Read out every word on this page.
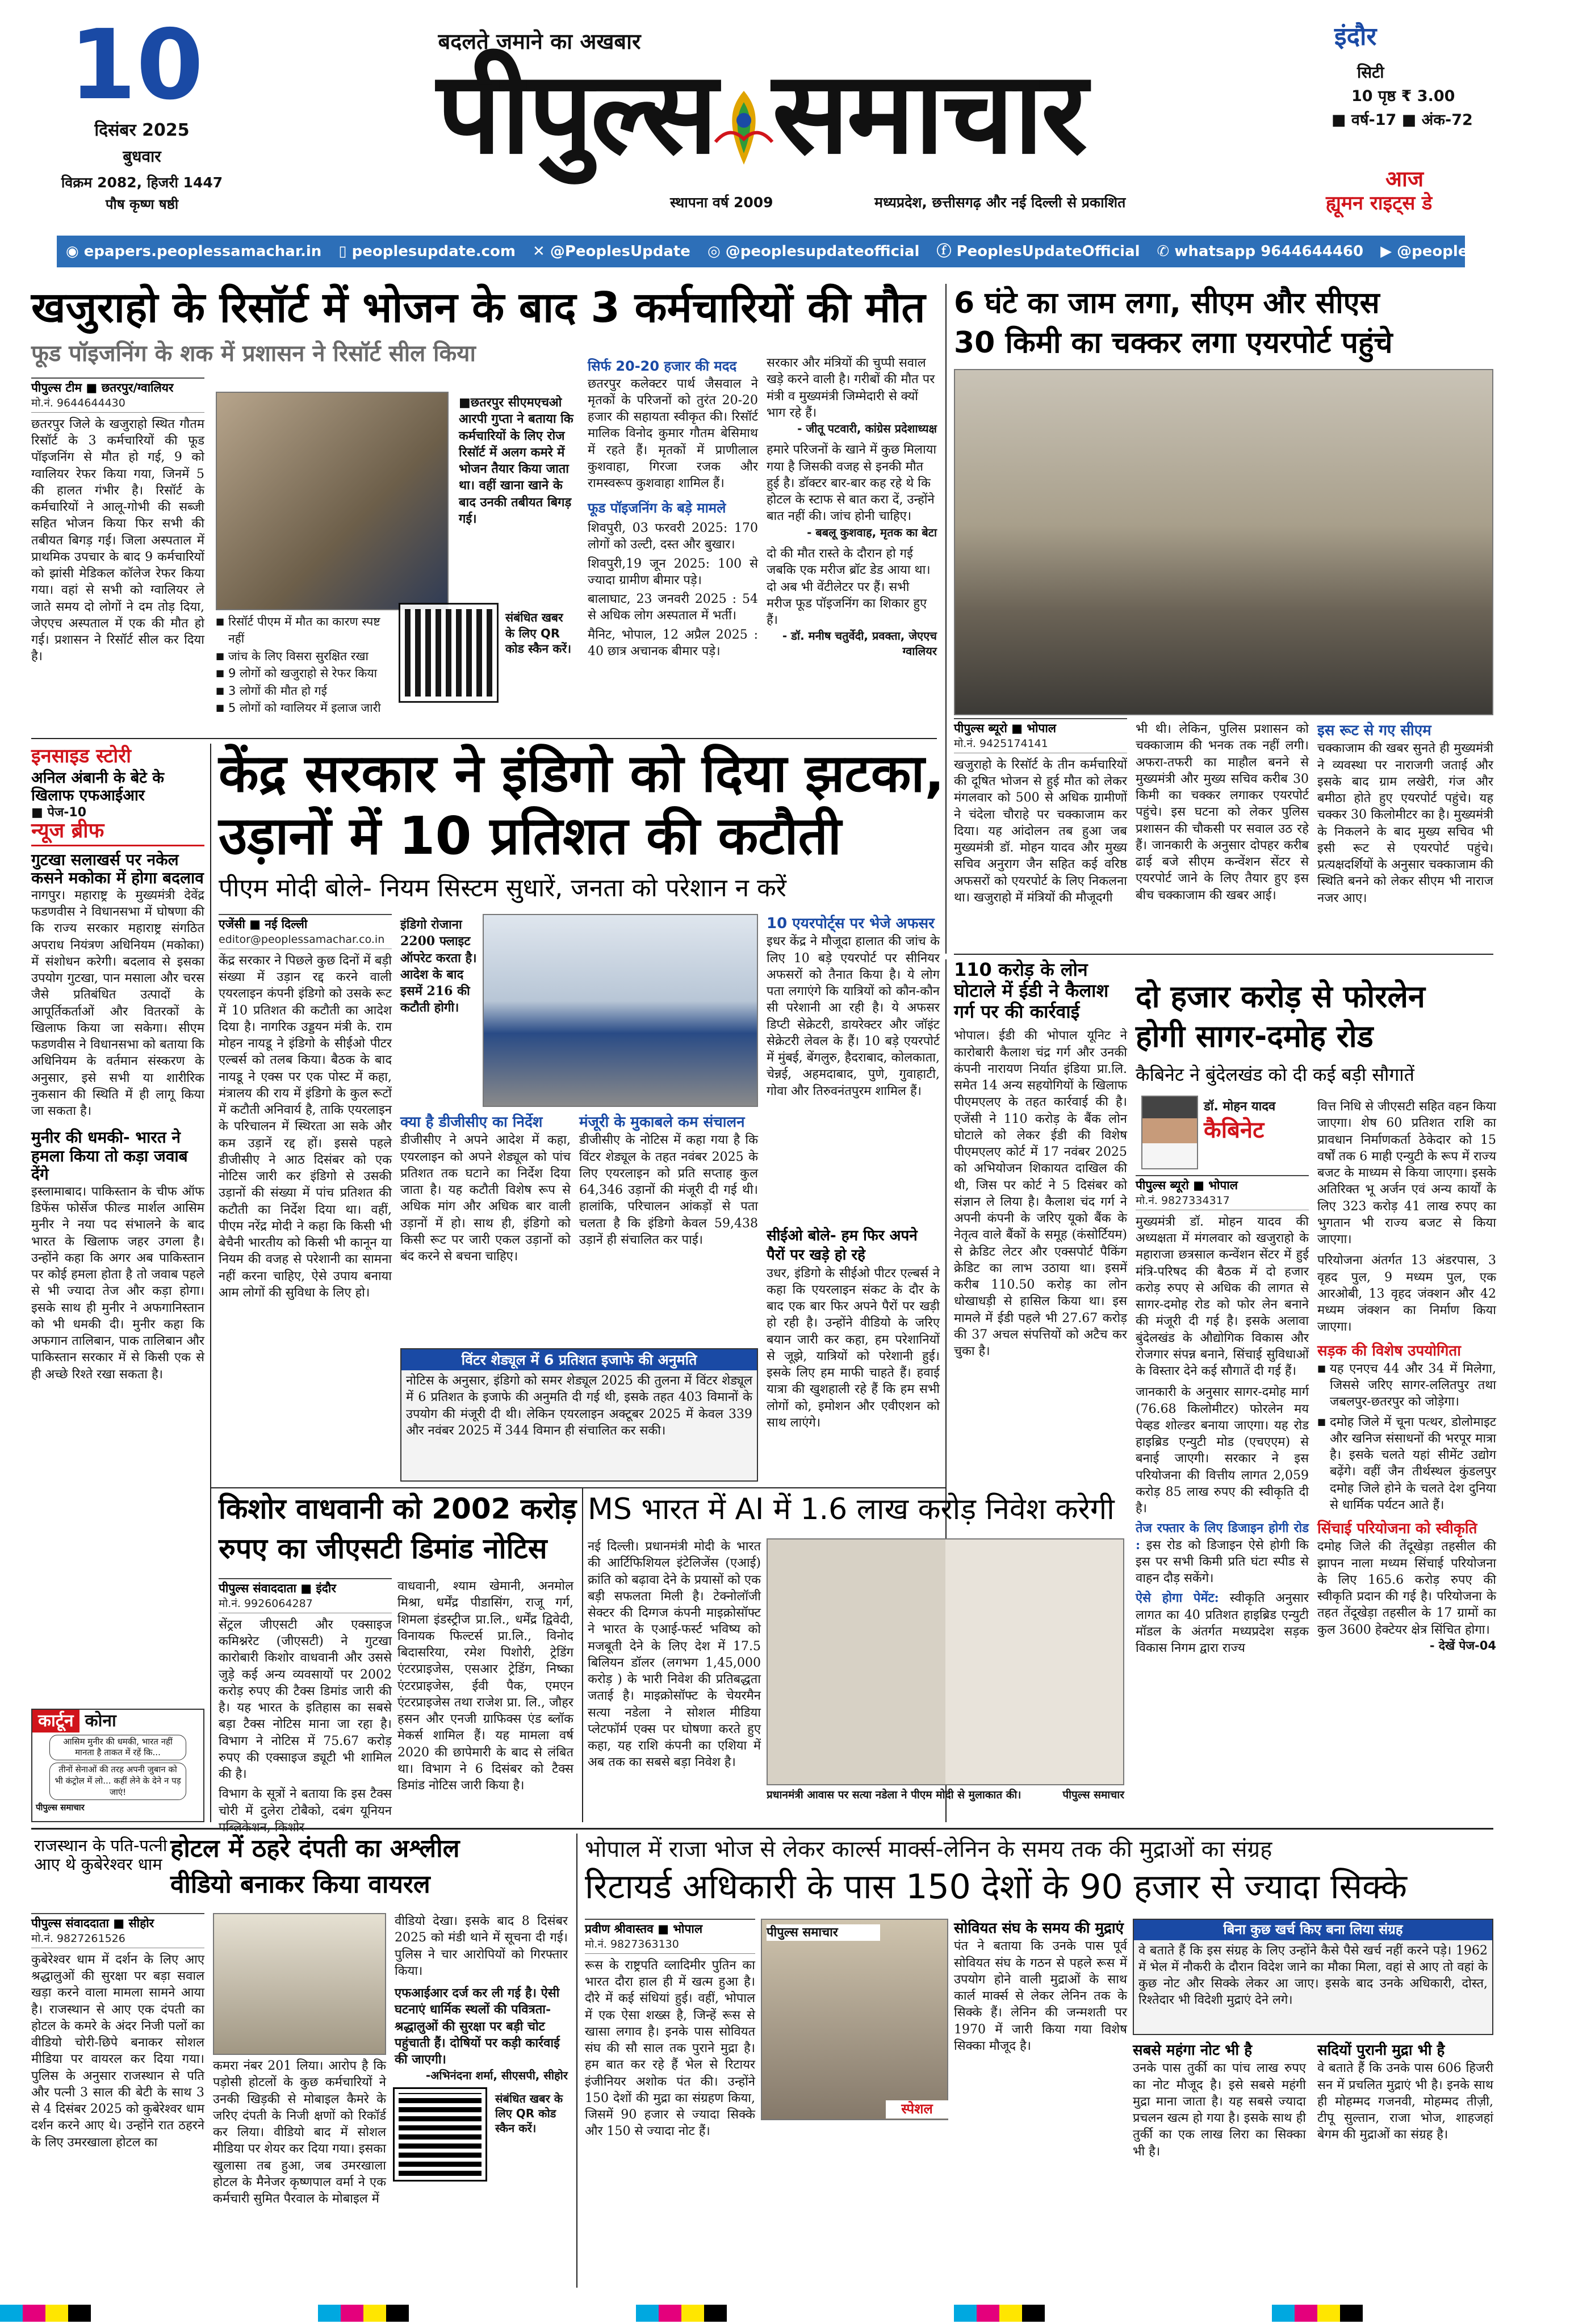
10
दिसंबर 2025
बुधवार
विक्रम 2082, हिजरी 1447
पौष कृष्ण षष्ठी
बदलते जमाने का अखबार
पीपुल्स समाचार
स्थापना वर्ष 2009	मध्यप्रदेश, छत्तीसगढ़ और नई दिल्ली से प्रकाशित
इंदौर
सिटी
10 पृष्ठ ₹ 3.00
■ वर्ष-17 ■ अंक-72
आज
ह्यूमन राइट्स डे
◉ epapers.peoplessamachar.in ▯ peoplesupdate.com ✕ @PeoplesUpdate ◎ @peoplesupdateofficial ⓕ PeoplesUpdateOfficial ✆ whatsapp 9644644460 ▶ @peoplesupdateofficial
खजुराहो के रिसॉर्ट में भोजन के बाद 3 कर्मचारियों की मौत
फूड पॉइजनिंग के शक में प्रशासन ने रिसॉर्ट सील किया
पीपुल्स टीम ■ छतरपुर/ग्वालियर
मो.नं. 9644644430
छतरपुर जिले के खजुराहो स्थित गौतम रिसॉर्ट के 3 कर्मचारियों की फूड पॉइजनिंग से मौत हो गई, 9 को ग्वालियर रेफर किया गया, जिनमें 5 की हालत गंभीर है। रिसॉर्ट के कर्मचारियों ने आलू-गोभी की सब्जी सहित भोजन किया फिर सभी की तबीयत बिगड़ गई। जिला अस्पताल में प्राथमिक उपचार के बाद 9 कर्मचारियों को झांसी मेडिकल कॉलेज रेफर किया गया। वहां से सभी को ग्वालियर ले जाते समय दो लोगों ने दम तोड़ दिया, जेएएच अस्पताल में एक की मौत हो गई। प्रशासन ने रिसॉर्ट सील कर दिया है।
■छतरपुर सीएमएचओ आरपी गुप्ता ने बताया कि कर्मचारियों के लिए रोज रिसॉर्ट में अलग कमरे में भोजन तैयार किया जाता था। वहीं खाना खाने के बाद उनकी तबीयत बिगड़ गई।
■ रिसॉर्ट पीएम में मौत का कारण स्पष्ट नहीं
■ जांच के लिए विसरा सुरक्षित रखा
■ 9 लोगों को खजुराहो से रेफर किया
■ 3 लोगों की मौत हो गई
■ 5 लोगों को ग्वालियर में इलाज जारी
संबंधित खबर के लिए QR कोड स्कैन करें।
सिर्फ 20-20 हजार की मदद
छतरपुर कलेक्टर पार्थ जैसवाल ने मृतकों के परिजनों को तुरंत 20-20 हजार की सहायता स्वीकृत की। रिसॉर्ट मालिक विनोद कुमार गौतम बेसिमाथ में रहते हैं। मृतकों में प्राणीलाल कुशवाहा, गिरजा रजक और रामस्वरूप कुशवाहा शामिल हैं।
फूड पॉइजनिंग के बड़े मामले
शिवपुरी, 03 फरवरी 2025: 170 लोगों को उल्टी, दस्त और बुखार।
शिवपुरी,19 जून 2025: 100 से ज्यादा ग्रामीण बीमार पड़े।
बालाघाट, 23 जनवरी 2025 : 54 से अधिक लोग अस्पताल में भर्ती।
मैनिट, भोपाल, 12 अप्रैल 2025 : 40 छात्र अचानक बीमार पड़े।
सरकार और मंत्रियों की चुप्पी सवाल खड़े करने वाली है। गरीबों की मौत पर मंत्री व मुख्यमंत्री जिम्मेदारी से क्यों भाग रहे हैं।
- जीतू पटवारी, कांग्रेस प्रदेशाध्यक्ष
हमारे परिजनों के खाने में कुछ मिलाया गया है जिसकी वजह से इनकी मौत हुई है। डॉक्टर बार-बार कह रहे थे कि होटल के स्टाफ से बात करा दें, उन्होंने बात नहीं की। जांच होनी चाहिए।
- बबलू कुशवाह, मृतक का बेटा
दो की मौत रास्ते के दौरान हो गई जबकि एक मरीज ब्रॉट डेड आया था। दो अब भी वेंटीलेटर पर हैं। सभी मरीज फूड पॉइजनिंग का शिकार हुए हैं।
- डॉ. मनीष चतुर्वेदी, प्रवक्ता, जेएएच ग्वालियर
6 घंटे का जाम लगा, सीएम और सीएस
30 किमी का चक्कर लगा एयरपोर्ट पहुंचे
पीपुल्स ब्यूरो ■ भोपाल
मो.नं. 9425174141
खजुराहो के रिसॉर्ट के तीन कर्मचारियों की दूषित भोजन से हुई मौत को लेकर मंगलवार को 500 से अधिक ग्रामीणों ने चंदेला चौराहे पर चक्काजाम कर दिया। यह आंदोलन तब हुआ जब मुख्यमंत्री डॉ. मोहन यादव और मुख्य सचिव अनुराग जैन सहित कई वरिष्ठ अफसरों को एयरपोर्ट के लिए निकलना था। खजुराहो में मंत्रियों की मौजूदगी
भी थी। लेकिन, पुलिस प्रशासन को चक्काजाम की भनक तक नहीं लगी। अफरा-तफरी का माहौल बनने से मुख्यमंत्री और मुख्य सचिव करीब 30 किमी का चक्कर लगाकर एयरपोर्ट पहुंचे। इस घटना को लेकर पुलिस प्रशासन की चौकसी पर सवाल उठ रहे हैं। जानकारी के अनुसार दोपहर करीब ढाई बजे सीएम कन्वेंशन सेंटर से एयरपोर्ट जाने के लिए तैयार हुए इस बीच चक्काजाम की खबर आई।
इस रूट से गए सीएम
चक्काजाम की खबर सुनते ही मुख्यमंत्री ने व्यवस्था पर नाराजगी जताई और इसके बाद ग्राम लखेरी, गंज और बमीठा होते हुए एयरपोर्ट पहुंचे। यह चक्कर 30 किलोमीटर का है। मुख्यमंत्री के निकलने के बाद मुख्य सचिव भी इसी रूट से एयरपोर्ट पहुंचे। प्रत्यक्षदर्शियों के अनुसार चक्काजाम की स्थिति बनने को लेकर सीएम भी नाराज नजर आए।
इनसाइड स्टोरी
अनिल अंबानी के बेटे के खिलाफ एफआईआर
■ पेज-10
न्यूज ब्रीफ
गुटखा सलाखर्स पर नकेल कसने मकोका में होगा बदलाव
नागपुर। महाराष्ट्र के मुख्यमंत्री देवेंद्र फडणवीस ने विधानसभा में घोषणा की कि राज्य सरकार महाराष्ट्र संगठित अपराध नियंत्रण अधिनियम (मकोका) में संशोधन करेगी। बदलाव से इसका उपयोग गुटखा, पान मसाला और चरस जैसे प्रतिबंधित उत्पादों के आपूर्तिकर्ताओं और वितरकों के खिलाफ किया जा सकेगा। सीएम फडणवीस ने विधानसभा को बताया कि अधिनियम के वर्तमान संस्करण के अनुसार, इसे सभी या शारीरिक नुकसान की स्थिति में ही लागू किया जा सकता है।
मुनीर की धमकी- भारत ने हमला किया तो कड़ा जवाब देंगे
इस्लामाबाद। पाकिस्तान के चीफ ऑफ डिफेंस फोर्सेज फील्ड मार्शल आसिम मुनीर ने नया पद संभालने के बाद भारत के खिलाफ जहर उगला है। उन्होंने कहा कि अगर अब पाकिस्तान पर कोई हमला होता है तो जवाब पहले से भी ज्यादा तेज और कड़ा होगा। इसके साथ ही मुनीर ने अफगानिस्तान को भी धमकी दी। मुनीर कहा कि अफगान तालिबान, पाक तालिबान और पाकिस्तान सरकार में से किसी एक से ही अच्छे रिश्ते रखा सकता है।
केंद्र सरकार ने इंडिगो को दिया झटका,
उड़ानों में 10 प्रतिशत की कटौती
पीएम मोदी बोले- नियम सिस्टम सुधारें, जनता को परेशान न करें
एजेंसी ■ नई दिल्ली
editor@peoplessamachar.co.in
केंद्र सरकार ने पिछले कुछ दिनों में बड़ी संख्या में उड़ान रद्द करने वाली एयरलाइन कंपनी इंडिगो को उसके रूट में 10 प्रतिशत की कटौती का आदेश दिया है। नागरिक उड्डयन मंत्री के. राम मोहन नायडू ने इंडिगो के सीईओ पीटर एल्बर्स को तलब किया। बैठक के बाद नायडू ने एक्स पर एक पोस्ट में कहा, मंत्रालय की राय में इंडिगो के कुल रूटों में कटौती अनिवार्य है, ताकि एयरलाइन के परिचालन में स्थिरता आ सके और कम उड़ानें रद्द हों। इससे पहले डीजीसीए ने आठ दिसंबर को एक नोटिस जारी कर इंडिगो से उसकी उड़ानों की संख्या में पांच प्रतिशत की कटौती का निर्देश दिया था। वहीं, पीएम नरेंद्र मोदी ने कहा कि किसी भी बेचैनी भारतीय को किसी भी कानून या नियम की वजह से परेशानी का सामना नहीं करना चाहिए, ऐसे उपाय बनाया आम लोगों की सुविधा के लिए हो।
इंडिगो रोजाना 2200 फ्लाइट ऑपरेट करता है। आदेश के बाद इसमें 216 की कटौती होगी।
क्या है डीजीसीए का निर्देश
डीजीसीए ने अपने आदेश में कहा, एयरलाइन को अपने शेड्यूल को पांच प्रतिशत तक घटाने का निर्देश दिया जाता है। यह कटौती विशेष रूप से अधिक मांग और अधिक बार वाली उड़ानों में हो। साथ ही, इंडिगो को किसी रूट पर जारी एकल उड़ानों को बंद करने से बचना चाहिए।
मंजूरी के मुकाबले कम संचालन
डीजीसीए के नोटिस में कहा गया है कि विंटर शेड्यूल के तहत नवंबर 2025 के लिए एयरलाइन को प्रति सप्ताह कुल 64,346 उड़ानों की मंजूरी दी गई थी। हालांकि, परिचालन आंकड़ों से पता चलता है कि इंडिगो केवल 59,438 उड़ानें ही संचालित कर पाई।
विंटर शेड्यूल में 6 प्रतिशत इजाफे की अनुमति
नोटिस के अनुसार, इंडिगो को समर शेड्यूल 2025 की तुलना में विंटर शेड्यूल में 6 प्रतिशत के इजाफे की अनुमति दी गई थी, इसके तहत 403 विमानों के उपयोग की मंजूरी दी थी। लेकिन एयरलाइन अक्टूबर 2025 में केवल 339 और नवंबर 2025 में 344 विमान ही संचालित कर सकी।
10 एयरपोर्ट्स पर भेजे अफसर
इधर केंद्र ने मौजूदा हालात की जांच के लिए 10 बड़े एयरपोर्ट पर सीनियर अफसरों को तैनात किया है। ये लोग पता लगाएंगे कि यात्रियों को कौन-कौन सी परेशानी आ रही है। ये अफसर डिप्टी सेक्रेटरी, डायरेक्टर और जॉइंट सेक्रेटरी लेवल के हैं। 10 बड़े एयरपोर्ट में मुंबई, बेंगलुरु, हैदराबाद, कोलकाता, चेन्नई, अहमदाबाद, पुणे, गुवाहाटी, गोवा और तिरुवनंतपुरम शामिल हैं।
सीईओ बोले- हम फिर अपने पैरों पर खड़े हो रहे
उधर, इंडिगो के सीईओ पीटर एल्बर्स ने कहा कि एयरलाइन संकट के दौर के बाद एक बार फिर अपने पैरों पर खड़ी हो रही है। उन्होंने वीडियो के जरिए बयान जारी कर कहा, हम परेशानियों से जूझे, यात्रियों को परेशानी हुई। इसके लिए हम माफी चाहते हैं। हवाई यात्रा की खुशहाली रहे हैं कि हम सभी लोगों को, इमोशन और एवीएशन को साथ लाएंगे।
110 करोड़ के लोन
घोटाले में ईडी ने कैलाश
गर्ग पर की कार्रवाई
भोपाल। ईडी की भोपाल यूनिट ने कारोबारी कैलाश चंद्र गर्ग और उनकी कंपनी नारायण निर्यात इंडिया प्रा.लि. समेत 14 अन्य सहयोगियों के खिलाफ पीएमएलए के तहत कार्रवाई की है। एजेंसी ने 110 करोड़ के बैंक लोन घोटाले को लेकर ईडी की विशेष पीएमएलए कोर्ट में 17 नवंबर 2025 को अभियोजन शिकायत दाखिल की थी, जिस पर कोर्ट ने 5 दिसंबर को संज्ञान ले लिया है। कैलाश चंद गर्ग ने अपनी कंपनी के जरिए यूको बैंक के नेतृत्व वाले बैंकों के समूह (कंसोर्टियम) से क्रेडिट लेटर और एक्सपोर्ट पैकिंग क्रेडिट का लाभ उठाया था। इसमें करीब 110.50 करोड़ का लोन धोखाधड़ी से हासिल किया था। इस मामले में ईडी पहले भी 27.67 करोड़ की 37 अचल संपत्तियों को अटैच कर चुका है।
दो हजार करोड़ से फोरलेन
होगी सागर-दमोह रोड
कैबिनेट ने बुंदेलखंड को दी कई बड़ी सौगातें
डॉ. मोहन यादव
कैबिनेट
पीपुल्स ब्यूरो ■ भोपाल
मो.नं. 9827334317
मुख्यमंत्री डॉ. मोहन यादव की अध्यक्षता में मंगलवार को खजुराहो के महाराजा छत्रसाल कन्वेंशन सेंटर में हुई मंत्रि-परिषद की बैठक में दो हजार करोड़ रुपए से अधिक की लागत से सागर-दमोह रोड को फोर लेन बनाने की मंजूरी दी गई है। इसके अलावा बुंदेलखंड के औद्योगिक विकास और रोजगार संपन्न बनाने, सिंचाई सुविधाओं के विस्तार देने कई सौगातें दी गई हैं।
जानकारी के अनुसार सागर-दमोह मार्ग (76.68 किलोमीटर) फोरलेन मय पेव्हड शोल्डर बनाया जाएगा। यह रोड हाइब्रिड एन्युटी मोड (एचएएम) से बनाई जाएगी। सरकार ने इस परियोजना की वित्तीय लागत 2,059 करोड़ 85 लाख रुपए की स्वीकृति दी है।
तेज रफ्तार के लिए डिजाइन होगी रोड : इस रोड को डिजाइन ऐसे होगी कि इस पर सभी किमी प्रति घंटा स्पीड से वाहन दौड़ सकेंगे।
ऐसे होगा पेमेंट: स्वीकृति अनुसार लागत का 40 प्रतिशत हाइब्रिड एन्युटी मॉडल के अंतर्गत मध्यप्रदेश सड़क विकास निगम द्वारा राज्य
वित्त निधि से जीएसटी सहित वहन किया जाएगा। शेष 60 प्रतिशत राशि का प्रावधान निर्माणकर्ता ठेकेदार को 15 वर्षों तक 6 माही एन्युटी के रूप में राज्य बजट के माध्यम से किया जाएगा। इसके अतिरिक्त भू अर्जन एवं अन्य कार्यों के लिए 323 करोड़ 41 लाख रुपए का भुगतान भी राज्य बजट से किया जाएगा।
परियोजना अंतर्गत 13 अंडरपास, 3 वृहद पुल, 9 मध्यम पुल, एक आरओबी, 13 वृहद जंक्शन और 42 मध्यम जंक्शन का निर्माण किया जाएगा।
सड़क की विशेष उपयोगिता
■ यह एनएच 44 और 34 में मिलेगा, जिससे जरिए सागर-ललितपुर तथा जबलपुर-छतरपुर को जोड़ेगा।
■ दमोह जिले में चूना पत्थर, डोलोमाइट और खनिज संसाधनों की भरपूर मात्रा है। इसके चलते यहां सीमेंट उद्योग बढ़ेंगे। वहीं जैन तीर्थस्थल कुंडलपुर दमोह जिले होने के चलते देश दुनिया से धार्मिक पर्यटन आते हैं।
सिंचाई परियोजना को स्वीकृति
दमोह जिले की तेंदूखेड़ा तहसील की झापन नाला मध्यम सिंचाई परियोजना के लिए 165.6 करोड़ रुपए की स्वीकृति प्रदान की गई है। परियोजना के तहत तेंदूखेड़ा तहसील के 17 ग्रामों का कुल 3600 हेक्टेयर क्षेत्र सिंचित होगा।
- देखें पेज-04
किशोर वाधवानी को 2002 करोड़
रुपए का जीएसटी डिमांड नोटिस
पीपुल्स संवाददाता ■ इंदौर
मो.नं. 9926064287
सेंट्रल जीएसटी और एक्साइज कमिश्नरेट (जीएसटी) ने गुटखा कारोबारी किशोर वाधवानी और उससे जुड़े कई अन्य व्यवसायों पर 2002 करोड़ रुपए की टैक्स डिमांड जारी की है। यह भारत के इतिहास का सबसे बड़ा टैक्स नोटिस माना जा रहा है। विभाग ने नोटिस में 75.67 करोड़ रुपए की एक्साइज ड्यूटी भी शामिल की है।
विभाग के सूत्रों ने बताया कि इस टैक्स चोरी में दुलेरा टोबैको, दबंग यूनियन
वाधवानी, श्याम खेमानी, अनमोल मिश्रा, धर्मेंद्र पीडासिंग, राजू गर्ग, शिमला इंडस्ट्रीज प्रा.लि., धर्मेंद्र द्विवेदी, विनायक फिल्टर्स प्रा.लि., विनोद बिदासरिया, रमेश पिशोरी, ट्रेडिंग एंटरप्राइजेस, एसआर ट्रेडिंग, निष्का एंटरप्राइजेस, ईवी पैक, एमएन एंटरप्राइजेस तथा राजेश प्रा. लि., जौहर हसन और एनजी ग्राफिक्स एंड ब्लॉक मेकर्स शामिल हैं। यह मामला वर्ष 2020 की छापेमारी के बाद से लंबित था। विभाग ने 6 दिसंबर को टैक्स डिमांड नोटिस जारी किया है।
कार्टून कोना
आसिम मुनीर की धमकी, भारत नहीं मानता है ताकत में रहें कि...
तीनों सेनाओं की तरह अपनी जुबान को भी कंट्रोल में लो... कहीं लेने के देने न पड़ जाएं!
पीपुल्स समाचार
MS भारत में AI में 1.6 लाख करोड़ निवेश करेगी
नई दिल्ली। प्रधानमंत्री मोदी के भारत की आर्टिफिशियल इंटेलिजेंस (एआई) क्रांति को बढ़ावा देने के प्रयासों को एक बड़ी सफलता मिली है। टेक्नोलॉजी सेक्टर की दिग्गज कंपनी माइक्रोसॉफ्ट ने भारत के एआई-फर्स्ट भविष्य को मजबूती देने के लिए देश में 17.5 बिलियन डॉलर (लगभग 1,45,000 करोड़ ) के भारी निवेश की प्रतिबद्धता जताई है। माइक्रोसॉफ्ट के चेयरमैन सत्या नडेला ने सोशल मीडिया प्लेटफॉर्म एक्स पर घोषणा करते हुए कहा, यह राशि कंपनी का एशिया में अब तक का सबसे बड़ा निवेश है।
प्रधानमंत्री आवास पर सत्या नडेला ने पीएम मोदी से मुलाकात की।	पीपुल्स समाचार
राजस्थान के पति-पत्नी आए थे कुबेरेश्वर धाम
होटल में ठहरे दंपती का अश्लील
वीडियो बनाकर किया वायरल
पीपुल्स संवाददाता ■ सीहोर
मो.नं. 9827261526
कुबेरेश्वर धाम में दर्शन के लिए आए श्रद्धालुओं की सुरक्षा पर बड़ा सवाल खड़ा करने वाला मामला सामने आया है। राजस्थान से आए एक दंपती का होटल के कमरे के अंदर निजी पलों का वीडियो चोरी-छिपे बनाकर सोशल मीडिया पर वायरल कर दिया गया। पुलिस के अनुसार राजस्थान से पति और पत्नी 3 साल की बेटी के साथ 3 से 4 दिसंबर 2025 को कुबेरेश्वर धाम दर्शन करने आए थे। उन्होंने रात ठहरने के लिए उमरखाला होटल का
कमरा नंबर 201 लिया। आरोप है कि पड़ोसी होटलों के कुछ कर्मचारियों ने उनकी खिड़की से मोबाइल कैमरे के जरिए दंपती के निजी क्षणों को रिकॉर्ड कर लिया। वीडियो बाद में सोशल मीडिया पर शेयर कर दिया गया। इसका खुलासा तब हुआ, जब उमरखाला होटल के मैनेजर कृष्णपाल वर्मा ने एक कर्मचारी सुमित पैरवाल के मोबाइल में
वीडियो देखा। इसके बाद 8 दिसंबर 2025 को मंडी थाने में सूचना दी गई। पुलिस ने चार आरोपियों को गिरफ्तार किया।
एफआईआर दर्ज कर ली गई है। ऐसी घटनाएं धार्मिक स्थलों की पवित्रता-श्रद्धालुओं की सुरक्षा पर बड़ी चोट पहुंचाती हैं। दोषियों पर कड़ी कार्रवाई की जाएगी।
-अभिनंदना शर्मा, सीएसपी, सीहोर
संबंधित खबर के लिए QR कोड स्कैन करें।
भोपाल में राजा भोज से लेकर कार्ल्स मार्क्स-लेनिन के समय तक की मुद्राओं का संग्रह
रिटायर्ड अधिकारी के पास 150 देशों के 90 हजार से ज्यादा सिक्के
प्रवीण श्रीवास्तव ■ भोपाल
मो.नं. 9827363130
रूस के राष्ट्रपति व्लादिमीर पुतिन का भारत दौरा हाल ही में खत्म हुआ है। दौरे में कई संधियां हुई। वहीं, भोपाल में एक ऐसा शख्स है, जिन्हें रूस से खासा लगाव है। इनके पास सोवियत संघ की सौ साल तक पुराने मुद्रा है। हम बात कर रहे हैं भेल से रिटायर इंजीनियर अशोक पंत की। उन्होंने 150 देशों की मुद्रा का संग्रहण किया, जिसमें 90 हजार से ज्यादा सिक्के और 150 से ज्यादा नोट हैं।
पीपुल्स समाचार
स्पेशल
सोवियत संघ के समय की मुद्राएं
पंत ने बताया कि उनके पास पूर्व सोवियत संघ के गठन से पहले रूस में उपयोग होने वाली मुद्राओं के साथ कार्ल मार्क्स से लेकर लेनिन तक के सिक्के हैं। लेनिन की जन्मशती पर 1970 में जारी किया गया विशेष सिक्का मौजूद है।
बिना कुछ खर्च किए बना लिया संग्रह
वे बताते हैं कि इस संग्रह के लिए उन्होंने कैसे पैसे खर्च नहीं करने पड़े। 1962 में भेल में नौकरी के दौरान विदेश जाने का मौका मिला, वहां से आए तो वहां के कुछ नोट और सिक्के लेकर आ जाए। इसके बाद उनके अधिकारी, दोस्त, रिश्तेदार भी विदेशी मुद्राएं देने लगे।
सबसे महंगा नोट भी है
उनके पास तुर्की का पांच लाख रुपए का नोट मौजूद है। इसे सबसे महंगी मुद्रा माना जाता है। यह सबसे ज्यादा प्रचलन खत्म हो गया है। इसके साथ ही तुर्की का एक लाख लिरा का सिक्का भी है।
सदियों पुरानी मुद्रा भी है
वे बताते हैं कि उनके पास 606 हिजरी सन में प्रचलित मुद्राएं भी है। इनके साथ ही मोहम्मद गजनवी, मोहम्मद तीज़ी, टीपू सुल्तान, राजा भोज, शाहजहां बेगम की मुद्राओं का संग्रह है।
